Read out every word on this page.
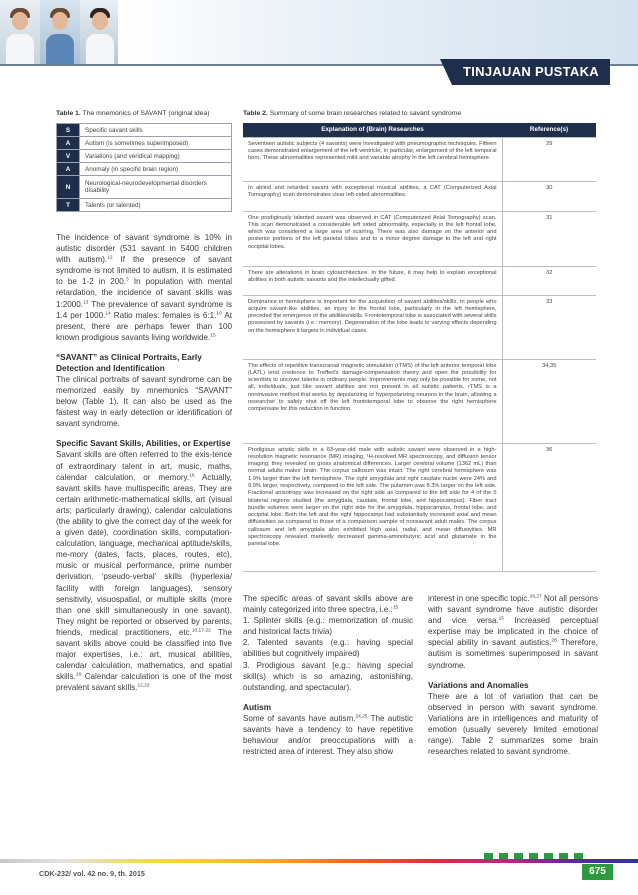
TINJAUAN PUSTAKA
Table 1. The mnemonics of SAVANT (original idea)
S	Specific savant skills
A	Autism (is sometimes superimposed)
V	Variations (and veridical mapping)
A	Anomaly (in specific brain region)
N	Neurological-neurodevelopmental disorders disability
T	Talents (or talented)

The incidence of savant syndrome is 10% in autistic disorder (531 savant in 5400 children with autism).$^{12}$ If the presence of savant syndrome is not limited to autism, it is estimated to be 1-2 in 200.$^3$ In population with mental retardation, the incidence of savant skills was 1:2000.13 The prevalence of savant syndrome is 1.4 per 1000.14 Ratio males: females is 6:1.10 At present, there are perhaps fewer than 100 known prodigious savants living worldwide.$^{15}$

“SAVANT” as Clinical Portraits, Early Detection and Identification

The clinical portraits of savant syndrome can be memorized easily by mnemonics “SAVANT” below (Table 1). It can also be used as the fastest way in early detection or identification of savant syndrome.

Specific Savant Skills, Abilities, or Expertise

Savant skills are often referred to the exis-tence of extraordinary talent in art, music, maths, calendar calculation, or memory.$^{16}$ Actually, savant skills have multispecific areas. They are certain arithmetic-mathematical skills, art (visual arts; particularly drawing), calendar calculations (the ability to give the correct day of the week for a given date), coordination skills, computation-calculation, language, mechanical aptitude/skills, me-mory (dates, facts, places, routes, etc), music or musical performance, prime number derivation, ‘pseudo-verbal’ skills (hyperlexia/ facility with foreign languages), sensory sensitivity, visuospatial, or multiple skills (more than one skill simultaneously in one savant). They might be reported or observed by parents, friends, medical practitioners, etc.$^{10,17-22}$ The savant skills above could be classified into five major expertises, i.e.: art, musical abilities, calendar calculation, mathematics, and spatial skills.$^{16}$ Calendar calculation is one of the most prevalent savant skills.$^{12,23}$

Table 2. Summary of some brain researches related to savant syndrome
Explanation of (Brain) Researches	Reference(s)
Seventeen autistic subjects (4 savants) were investigated with pneumographic techniques. Fifteen cases demonstrated enlargement of the left ventricle, in particular, enlargement of the left temporal horn. These abnormalities represented mild and variable atrophy in the left cerebral hemisphere.	29
In ablind and retarded savant with exceptional musical abilities, a CAT (Computerized Axial Tomography) scan demonstrates clear left-sided abnormalities.	30
One prodigiously talented savant was observed in CAT (Computerized Axial Tomography) scan. This scan demonstrated a considerable left sided abnormality, especially in the left frontal lobe, which was considered a large area of scarring. There was also damage on the anterior and posterior portions of the left parietal lobes and to a minor degree damage to the left and right occipital lobes.	31
There are alterations in brain cytoarchitecture. In the future, it may help to explain exceptional abilities in both autistic savants and the intellectually gifted.	32
Dominance in hemisphere is important for the acquisition of savant abilities/skills. In people who acquire savant-like abilities, an injury to the frontal lobe, particularly in the left hemisphere, preceded the emergence of the abilities/skills. Frontotemporal lobe is associated with several skills possessed by savants (i.e.: memory). Degeneration of the lobe leads to varying effects depending on the hemisphere it targets in individual cases.	33
The effects of repetitive transcranial magnetic stimulation (rTMS) of the left anterior temporal lobe (LATL) lend credence to Treffert's damage-compensation theory and open the possibility for scientists to uncover talents in ordinary people. Improvements may only be possible for some, not all, individuals, just like savant abilities are not present in all autistic patients. rTMS is a noninvasive method that works by depolarizing or hyperpolarizing neurons in the brain, allowing a researcher to safely shut off the left frontotemporal lobe to observe the right hemisphere compensate for this reduction in function.	34,35
Prodigious artistic skills in a 63-year-old male with autistic savant were observed in a high-resolution magnetic resonance (MR) imaging, ¹H-resolved MR spectroscopy, and diffusion tensor imaging; they revealed no gross anatomical differences. Larger cerebral volume (1362 mL) than normal adults males' brain. The corpus callosum was intact. The right cerebral hemisphere was 1.9% larger than the left hemisphere. The right amygdala and right caudate nuclei were 24% and 9.9% larger, respectively, compared to the left side. The putamen was 8.3% larger on the left side. Fractional anisotropy was increased on the right side as compared to the left side for 4 of the 5 bilateral regions studied (the amygdala, caudate, frontal lobe, and hippocampus). Fiber tract bundle volumes were larger on the right side for the amygdala, hippocampus, frontal lobe, and occipital lobe. Both the left and the right hippocampi had substantially increased axial and mean diffusivities as compared to those of a comparison sample of nonsavant adult males. The corpus callosum and left amygdala also exhibited high axial, radial, and mean diffusivities. MR spectroscopy revealed markedly decreased gamma-aminobutyric acid and glutamate in the parietal lobe.	36

The specific areas of savant skills above are mainly categorized into three spectra, i.e.:$^{15}$

1. Splinter skills (e.g.: memorization of music and historical facts trivia)

2. Talented savants (e.g.: having special abilities but cognitively impaired)

3. Prodigious savant [e.g.: having special skill(s) which is so amazing, astonishing, outstanding, and spectacular).

Autism

Some of savants have autism.$^{24,25}$ The autistic savants have a tendency to have repetitive behaviour and/or preoccupations with a restricted area of interest. They also show

interest in one specific topic.$^{26,27}$ Not all persons with savant syndrome have autistic disorder and vice versa.$^{15}$ Increased perceptual expertise may be implicated in the choice of special ability in savant autistics.$^{28}$ Therefore, autism is sometimes superimposed in savant syndrome.

Variations and Anomalies

There are a lot of variation that can be observed in person with savant syndrome. Variations are in intelligences and maturity of emotion (usually severely limited emotional range). Table 2 summarizes some brain researches related to savant syndrome.

CDK-232/ vol. 42 no. 9, th. 2015	675
